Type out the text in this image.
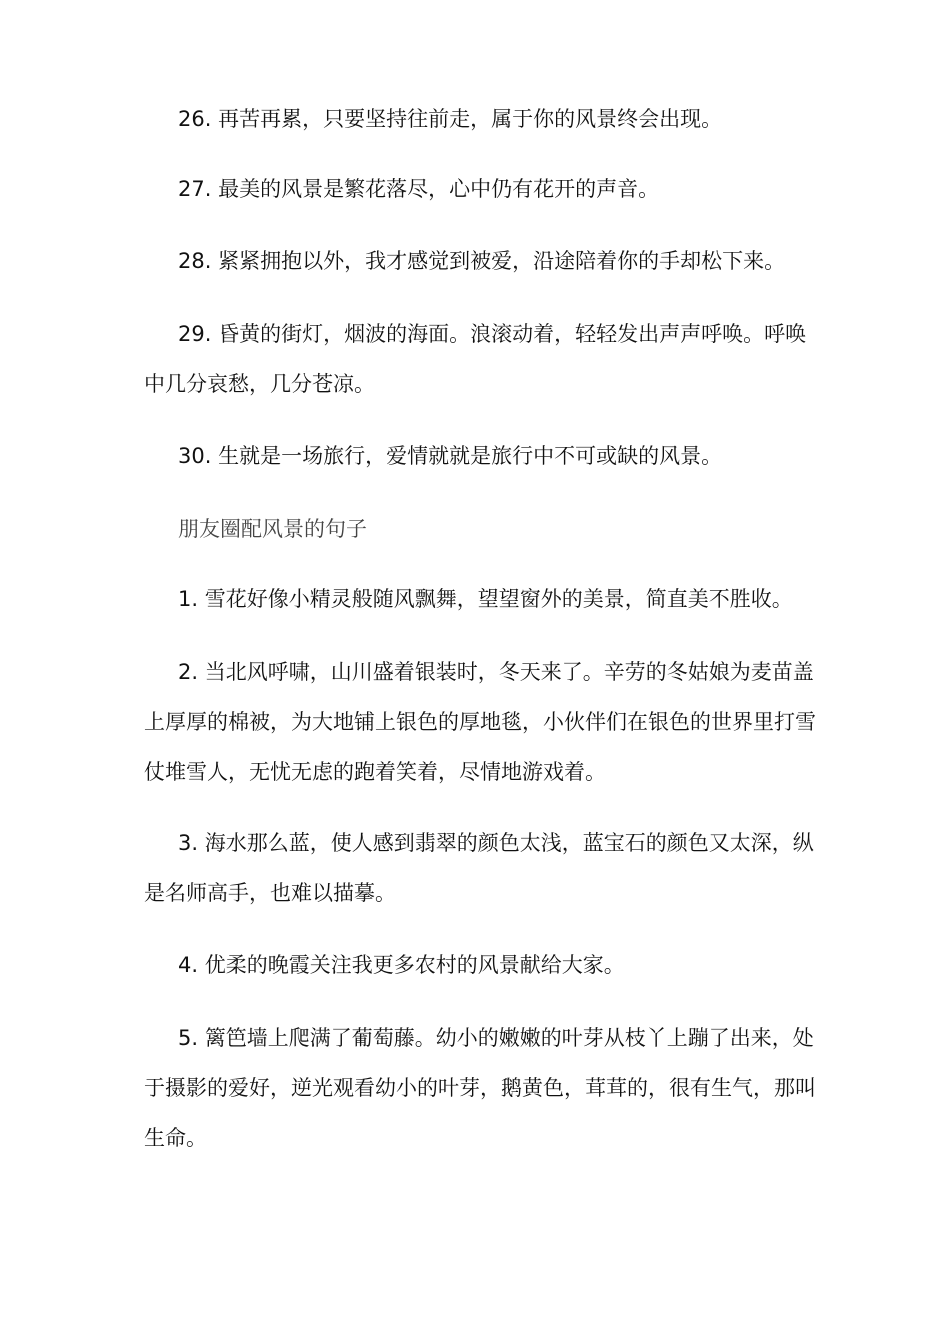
26. 再苦再累，只要坚持往前走，属于你的风景终会出现。

27. 最美的风景是繁花落尽，心中仍有花开的声音。

28. 紧紧拥抱以外，我才感觉到被爱，沿途陪着你的手却松下来。

29. 昏黄的街灯，烟波的海面。浪滚动着，轻轻发出声声呼唤。呼唤中几分哀愁，几分苍凉。

30. 生就是一场旅行，爱情就就是旅行中不可或缺的风景。

朋友圈配风景的句子

1. 雪花好像小精灵般随风飘舞，望望窗外的美景，简直美不胜收。

2. 当北风呼啸，山川盛着银装时，冬天来了。辛劳的冬姑娘为麦苗盖上厚厚的棉被，为大地铺上银色的厚地毯，小伙伴们在银色的世界里打雪仗堆雪人，无忧无虑的跑着笑着，尽情地游戏着。

3. 海水那么蓝，使人感到翡翠的颜色太浅，蓝宝石的颜色又太深，纵是名师高手，也难以描摹。

4. 优柔的晚霞关注我更多农村的风景献给大家。

5. 篱笆墙上爬满了葡萄藤。幼小的嫩嫩的叶芽从枝丫上蹦了出来，处于摄影的爱好，逆光观看幼小的叶芽，鹅黄色，茸茸的，很有生气，那叫生命。
